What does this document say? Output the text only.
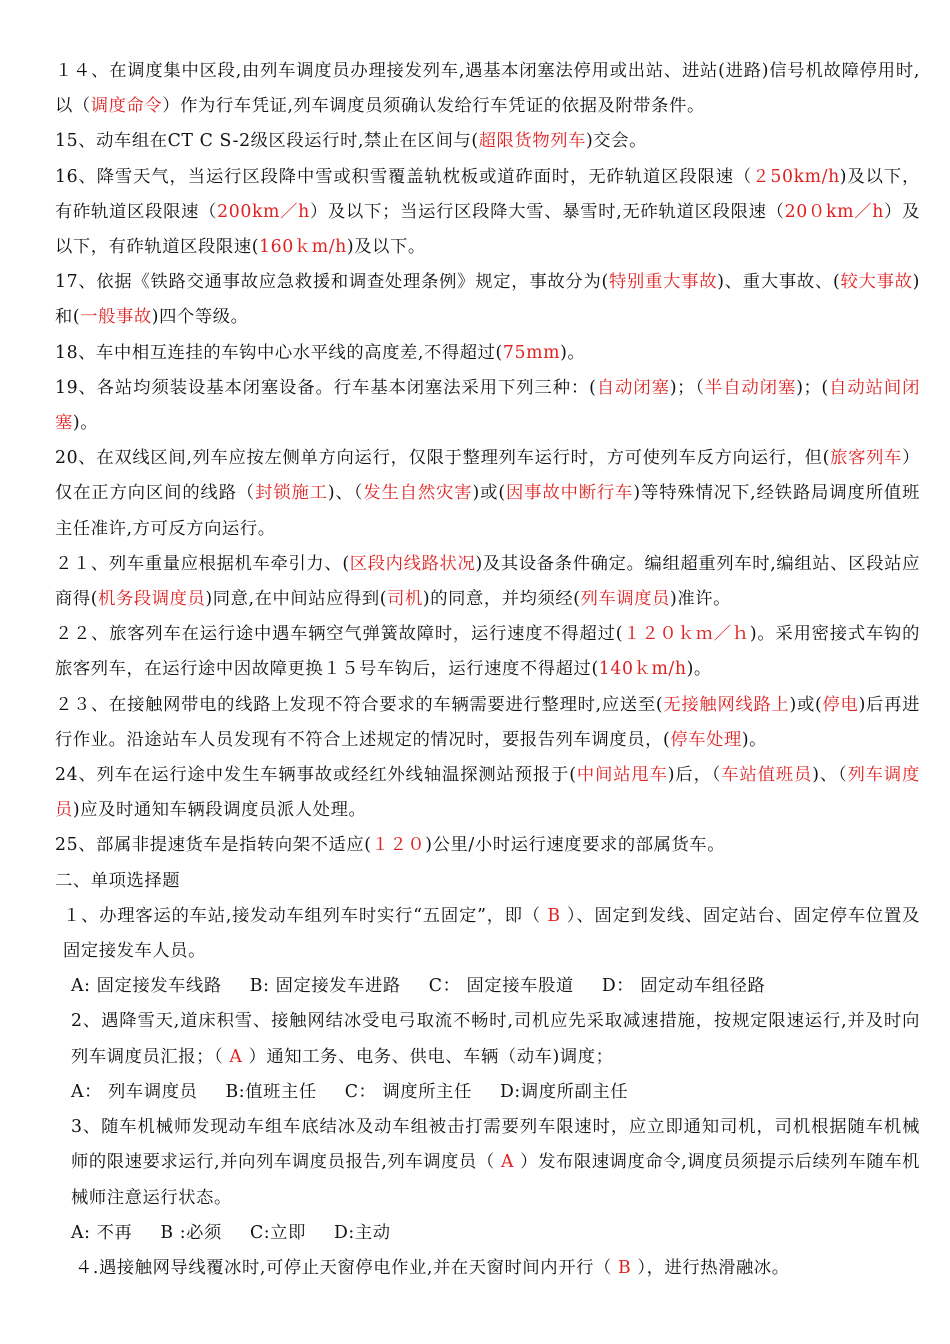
１４、在调度集中区段,由列车调度员办理接发列车,遇基本闭塞法停用或出站、进站(进路)信号机故障停用时,以（调度命令）作为行车凭证,列车调度员须确认发给行车凭证的依据及附带条件。

15、动车组在CT C S-2级区段运行时,禁止在区间与(超限货物列车)交会。

16、降雪天气，当运行区段降中雪或积雪覆盖轨枕板或道砟面时，无砟轨道区段限速（２50km/h)及以下，有砟轨道区段限速（200km／h）及以下；当运行区段降大雪、暴雪时,无砟轨道区段限速（20０km／h）及以下，有砟轨道区段限速(160ｋm/h)及以下。

17、依据《铁路交通事故应急救援和调查处理条例》规定，事故分为(特别重大事故)、重大事故、(较大事故)和(一般事故)四个等级。

18、车中相互连挂的车钩中心水平线的高度差,不得超过(75mm)。

19、各站均须装设基本闭塞设备。行车基本闭塞法采用下列三种：(自动闭塞)；（半自动闭塞)；(自动站间闭塞)。

20、在双线区间,列车应按左侧单方向运行，仅限于整理列车运行时，方可使列车反方向运行，但(旅客列车）仅在正方向区间的线路（封锁施工)、（发生自然灾害)或(因事故中断行车)等特殊情况下,经铁路局调度所值班主任准许,方可反方向运行。

２１、列车重量应根据机车牵引力、(区段内线路状况)及其设备条件确定。编组超重列车时,编组站、区段站应商得(机务段调度员)同意,在中间站应得到(司机)的同意，并均须经(列车调度员)准许。

２２、旅客列车在运行途中遇车辆空气弹簧故障时，运行速度不得超过(１２０ｋｍ／ｈ)。采用密接式车钩的旅客列车，在运行途中因故障更换１５号车钩后，运行速度不得超过(140ｋm/h)。

２３、在接触网带电的线路上发现不符合要求的车辆需要进行整理时,应送至(无接触网线路上)或(停电)后再进行作业。沿途站车人员发现有不符合上述规定的情况时，要报告列车调度员，(停车处理)。

24、列车在运行途中发生车辆事故或经红外线轴温探测站预报于(中间站甩车)后，（车站值班员)、（列车调度员)应及时通知车辆段调度员派人处理。

25、部属非提速货车是指转向架不适应(１２０)公里/小时运行速度要求的部属货车。

二、单项选择题

１、办理客运的车站,接发动车组列车时实行“五固定”，即（ B ）、固定到发线、固定站台、固定停车位置及固定接发车人员。

A: 固定接发车线路 B: 固定接发车进路 C： 固定接车股道 D： 固定动车组径路

2、遇降雪天,道床积雪、接触网结冰受电弓取流不畅时,司机应先采取减速措施，按规定限速运行,并及时向列车调度员汇报；（ A ）通知工务、电务、供电、车辆（动车)调度；

A： 列车调度员 B:值班主任 C： 调度所主任 D:调度所副主任

3、随车机械师发现动车组车底结冰及动车组被击打需要列车限速时，应立即通知司机，司机根据随车机械师的限速要求运行,并向列车调度员报告,列车调度员（ A ）发布限速调度命令,调度员须提示后续列车随车机械师注意运行状态。

A: 不再 B :必须 C:立即 D:主动

４.遇接触网导线覆冰时,可停止天窗停电作业,并在天窗时间内开行（ B ），进行热滑融冰。
